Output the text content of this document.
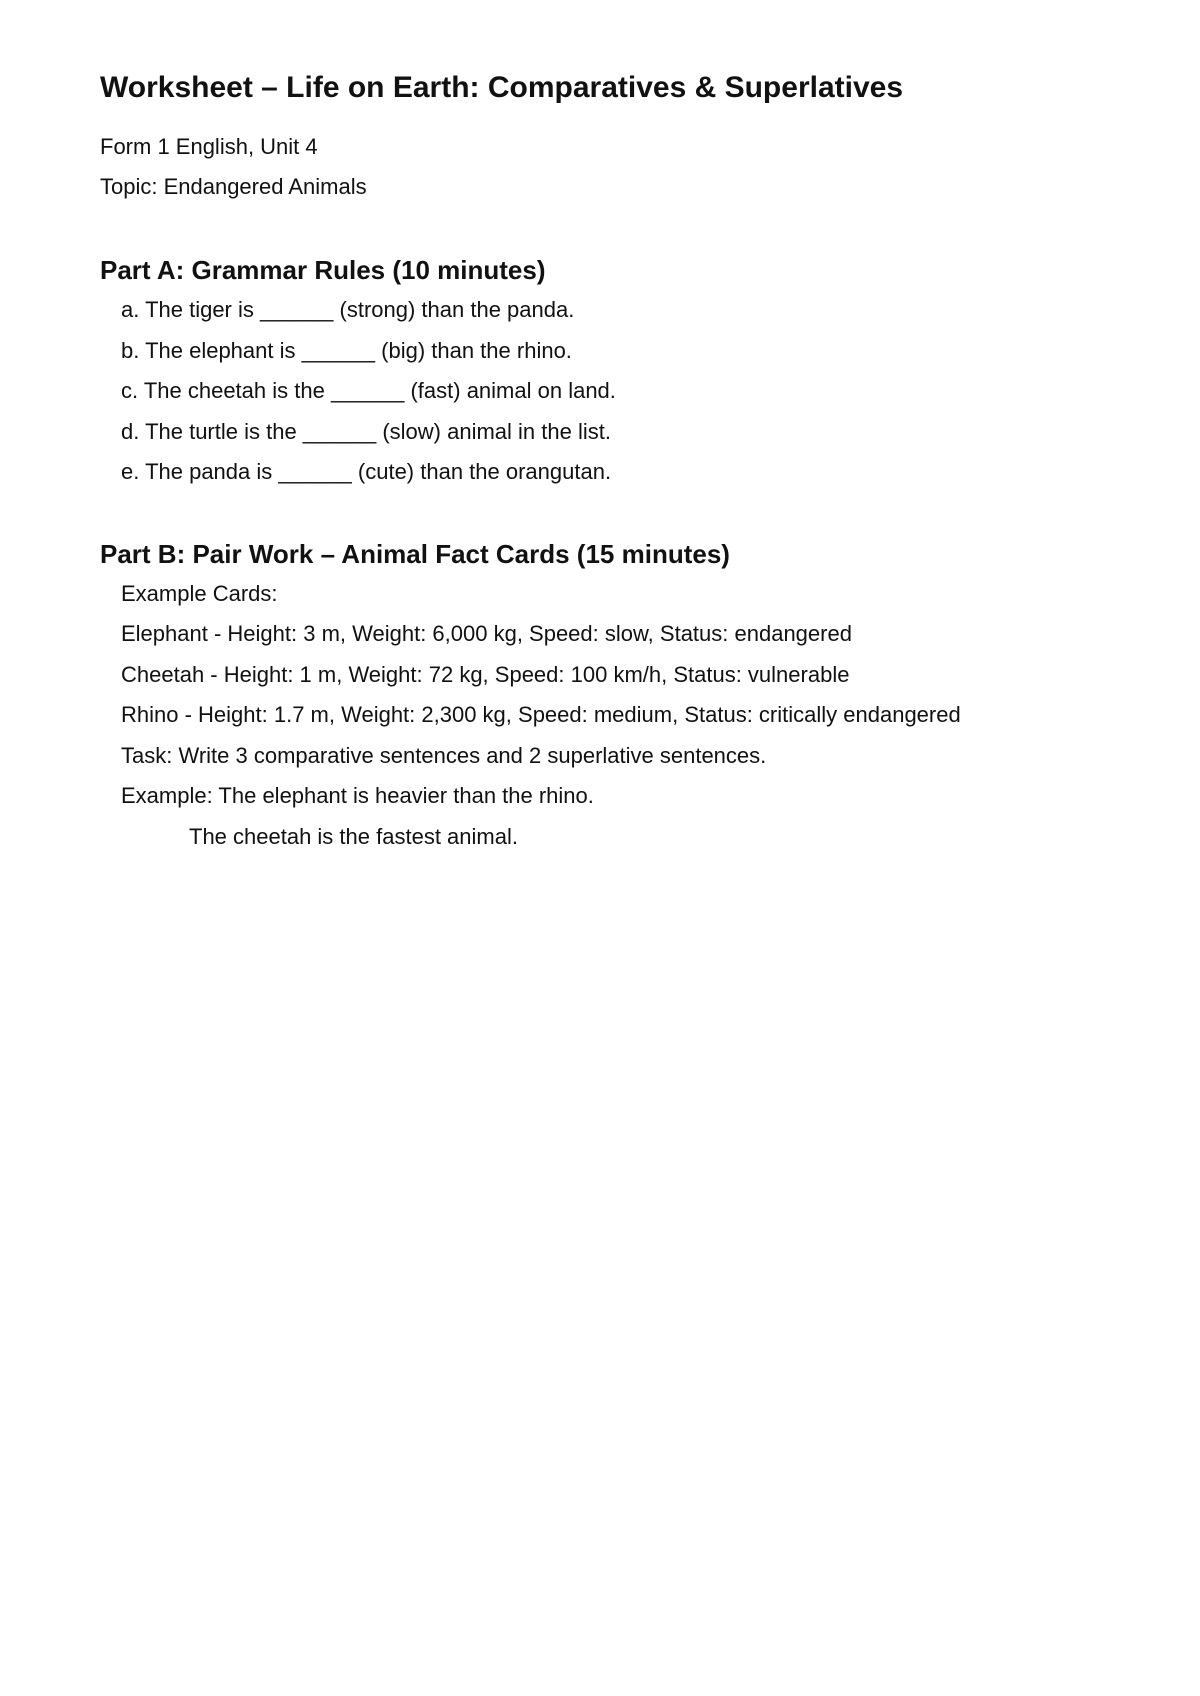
Worksheet – Life on Earth: Comparatives & Superlatives

Form 1 English, Unit 4

Topic: Endangered Animals

Part A: Grammar Rules (10 minutes)
a. The tiger is ______ (strong) than the panda.
b. The elephant is ______ (big) than the rhino.
c. The cheetah is the ______ (fast) animal on land.
d. The turtle is the ______ (slow) animal in the list.
e. The panda is ______ (cute) than the orangutan.
Part B: Pair Work – Animal Fact Cards (15 minutes)
Example Cards:
Elephant - Height: 3 m, Weight: 6,000 kg, Speed: slow, Status: endangered
Cheetah - Height: 1 m, Weight: 72 kg, Speed: 100 km/h, Status: vulnerable
Rhino - Height: 1.7 m, Weight: 2,300 kg, Speed: medium, Status: critically endangered
Task: Write 3 comparative sentences and 2 superlative sentences.
Example: The elephant is heavier than the rhino.
The cheetah is the fastest animal.
